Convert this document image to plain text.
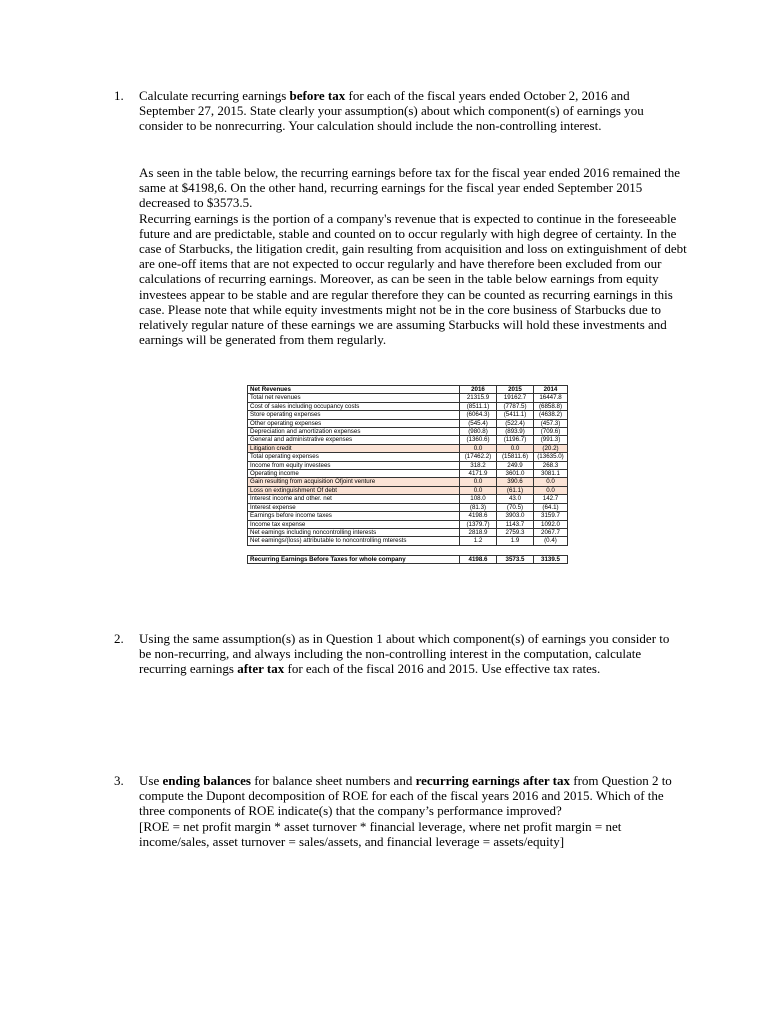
1. Calculate recurring earnings before tax for each of the fiscal years ended October 2, 2016 and September 27, 2015. State clearly your assumption(s) about which component(s) of earnings you consider to be nonrecurring. Your calculation should include the non-controlling interest.
As seen in the table below, the recurring earnings before tax for the fiscal year ended 2016 remained the same at $4198,6. On the other hand, recurring earnings for the fiscal year ended September 2015 decreased to $3573.5.
Recurring earnings is the portion of a company's revenue that is expected to continue in the foreseeable future and are predictable, stable and counted on to occur regularly with high degree of certainty. In the case of Starbucks, the litigation credit, gain resulting from acquisition and loss on extinguishment of debt are one-off items that are not expected to occur regularly and have therefore been excluded from our calculations of recurring earnings. Moreover, as can be seen in the table below earnings from equity investees appear to be stable and are regular therefore they can be counted as recurring earnings in this case. Please note that while equity investments might not be in the core business of Starbucks due to relatively regular nature of these earnings we are assuming Starbucks will hold these investments and earnings will be generated from them regularly.
Net Revenues	2016	2015	2014
Total net revenues	21315.9	19162.7	16447.8
Cost of sales including occupancy costs	(8511.1)	(7787.5)	(6858.8)
Store operating expenses	(6064.3)	(5411.1)	(4638.2)
Other operating expenses	(545.4)	(522.4)	(457.3)
Depreciation and amortization expenses	(980.8)	(893.9)	(709.6)
General and administrative expenses	(1360.6)	(1196.7)	(991.3)
Litigation credit	0.0	0.0	(20.2)
Total operating expenses	(17462.2)	(15811.6)	(13635.0)
Income from equity investees	318.2	249.9	268.3
Operating income	4171.9	3601.0	3081.1
Gain resulting from acquisition Ofjoint venture	0.0	390.6	0.0
Loss on extinguishment Of debt	0.0	(61.1)	0.0
Interest income and other. net	108.0	43.0	142.7
Interest expense	(81.3)	(70.5)	(64.1)
Earnings before income taxes	4198.6	3903.0	3159.7
Income tax expense	(1379.7)	1143.7	1092.0
Net eamings including noncontrolling interests	2818.9	2759.3	2067.7
Net eamings/(loss) attributable to noncontrolling mterests	1.2	1.9	(0.4)
Recurring Earnings Before Taxes for whole company	4198.6	3573.5	3139.5
2. Using the same assumption(s) as in Question 1 about which component(s) of earnings you consider to be non-recurring, and always including the non-controlling interest in the computation, calculate recurring earnings after tax for each of the fiscal 2016 and 2015. Use effective tax rates.
3. Use ending balances for balance sheet numbers and recurring earnings after tax from Question 2 to compute the Dupont decomposition of ROE for each of the fiscal years 2016 and 2015. Which of the three components of ROE indicate(s) that the company’s performance improved?
[ROE = net profit margin * asset turnover * financial leverage, where net profit margin = net income/sales, asset turnover = sales/assets, and financial leverage = assets/equity]
